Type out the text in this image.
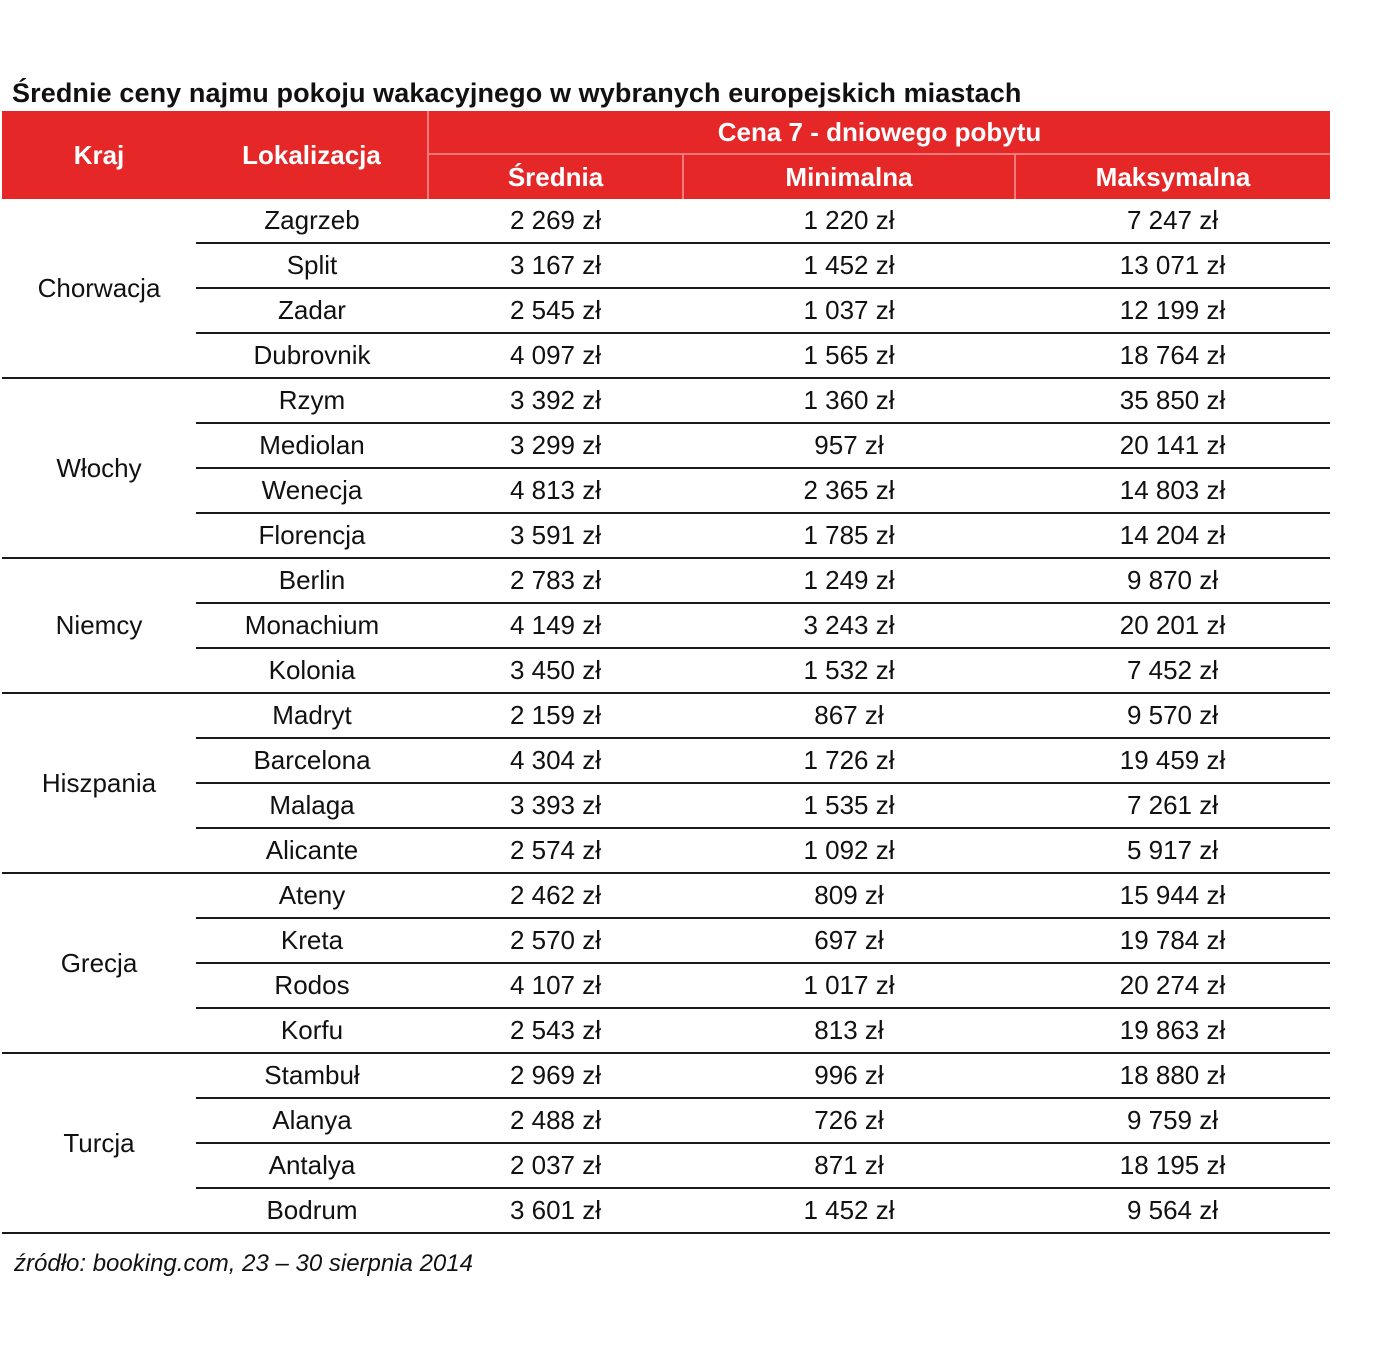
Średnie ceny najmu pokoju wakacyjnego w wybranych europejskich miastach
Kraj	Lokalizacja	Cena 7 - dniowego pobytu		
		Średnia	Minimalna	Maksymalna
Chorwacja	Zagrzeb	2 269 zł	1 220 zł	7 247 zł
	Split	3 167 zł	1 452 zł	13 071 zł
	Zadar	2 545 zł	1 037 zł	12 199 zł
	Dubrovnik	4 097 zł	1 565 zł	18 764 zł
Włochy	Rzym	3 392 zł	1 360 zł	35 850 zł
	Mediolan	3 299 zł	957 zł	20 141 zł
	Wenecja	4 813 zł	2 365 zł	14 803 zł
	Florencja	3 591 zł	1 785 zł	14 204 zł
Niemcy	Berlin	2 783 zł	1 249 zł	9 870 zł
	Monachium	4 149 zł	3 243 zł	20 201 zł
	Kolonia	3 450 zł	1 532 zł	7 452 zł
Hiszpania	Madryt	2 159 zł	867 zł	9 570 zł
	Barcelona	4 304 zł	1 726 zł	19 459 zł
	Malaga	3 393 zł	1 535 zł	7 261 zł
	Alicante	2 574 zł	1 092 zł	5 917 zł
Grecja	Ateny	2 462 zł	809 zł	15 944 zł
	Kreta	2 570 zł	697 zł	19 784 zł
	Rodos	4 107 zł	1 017 zł	20 274 zł
	Korfu	2 543 zł	813 zł	19 863 zł
Turcja	Stambuł	2 969 zł	996 zł	18 880 zł
	Alanya	2 488 zł	726 zł	9 759 zł
	Antalya	2 037 zł	871 zł	18 195 zł
	Bodrum	3 601 zł	1 452 zł	9 564 zł
źródło: booking.com, 23 – 30 sierpnia 2014
